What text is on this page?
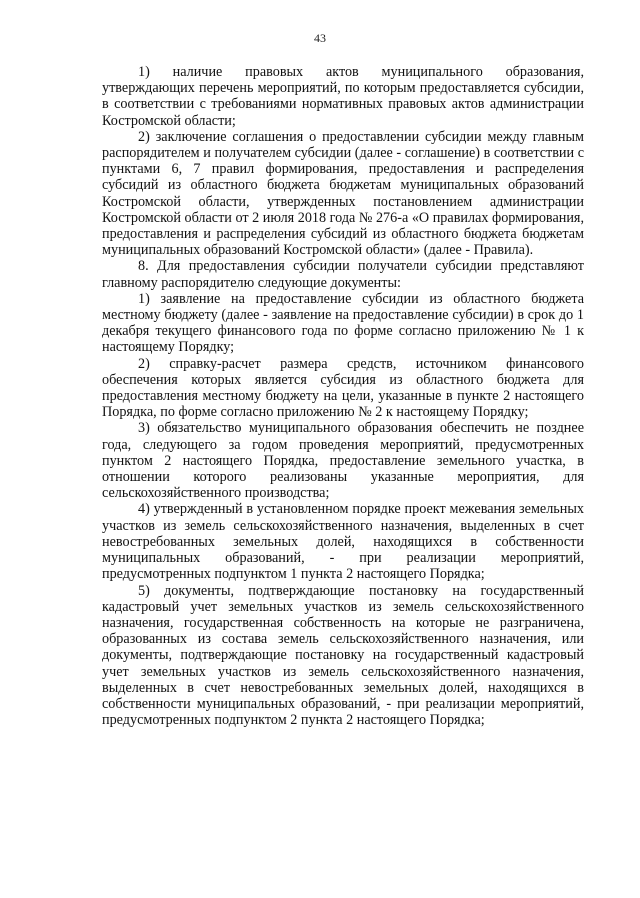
43

1) наличие правовых актов муниципального образования, утверждающих перечень мероприятий, по которым предоставляется субсидии, в соответствии с требованиями нормативных правовых актов администрации Костромской области;

2) заключение соглашения о предоставлении субсидии между главным распорядителем и получателем субсидии (далее - соглашение) в соответствии с пунктами 6, 7 правил формирования, предоставления и распределения субсидий из областного бюджета бюджетам муниципальных образований Костромской области, утвержденных постановлением администрации Костромской области от 2 июля 2018 года № 276-а «О правилах формирования, предоставления и распределения субсидий из областного бюджета бюджетам муниципальных образований Костромской области» (далее - Правила).

8. Для предоставления субсидии получатели субсидии представляют главному распорядителю следующие документы:

1) заявление на предоставление субсидии из областного бюджета местному бюджету (далее - заявление на предоставление субсидии) в срок до 1 декабря текущего финансового года по форме согласно приложению № 1 к настоящему Порядку;

2) справку-расчет размера средств, источником финансового обеспечения которых является субсидия из областного бюджета для предоставления местному бюджету на цели, указанные в пункте 2 настоящего Порядка, по форме согласно приложению № 2 к настоящему Порядку;

3) обязательство муниципального образования обеспечить не позднее года, следующего за годом проведения мероприятий, предусмотренных пунктом 2 настоящего Порядка, предоставление земельного участка, в отношении которого реализованы указанные мероприятия, для сельскохозяйственного производства;

4) утвержденный в установленном порядке проект межевания земельных участков из земель сельскохозяйственного назначения, выделенных в счет невостребованных земельных долей, находящихся в собственности муниципальных образований, - при реализации мероприятий, предусмотренных подпунктом 1 пункта 2 настоящего Порядка;

5) документы, подтверждающие постановку на государственный кадастровый учет земельных участков из земель сельскохозяйственного назначения, государственная собственность на которые не разграничена, образованных из состава земель сельскохозяйственного назначения, или документы, подтверждающие постановку на государственный кадастровый учет земельных участков из земель сельскохозяйственного назначения, выделенных в счет невостребованных земельных долей, находящихся в собственности муниципальных образований, - при реализации мероприятий, предусмотренных подпунктом 2 пункта 2 настоящего Порядка;
